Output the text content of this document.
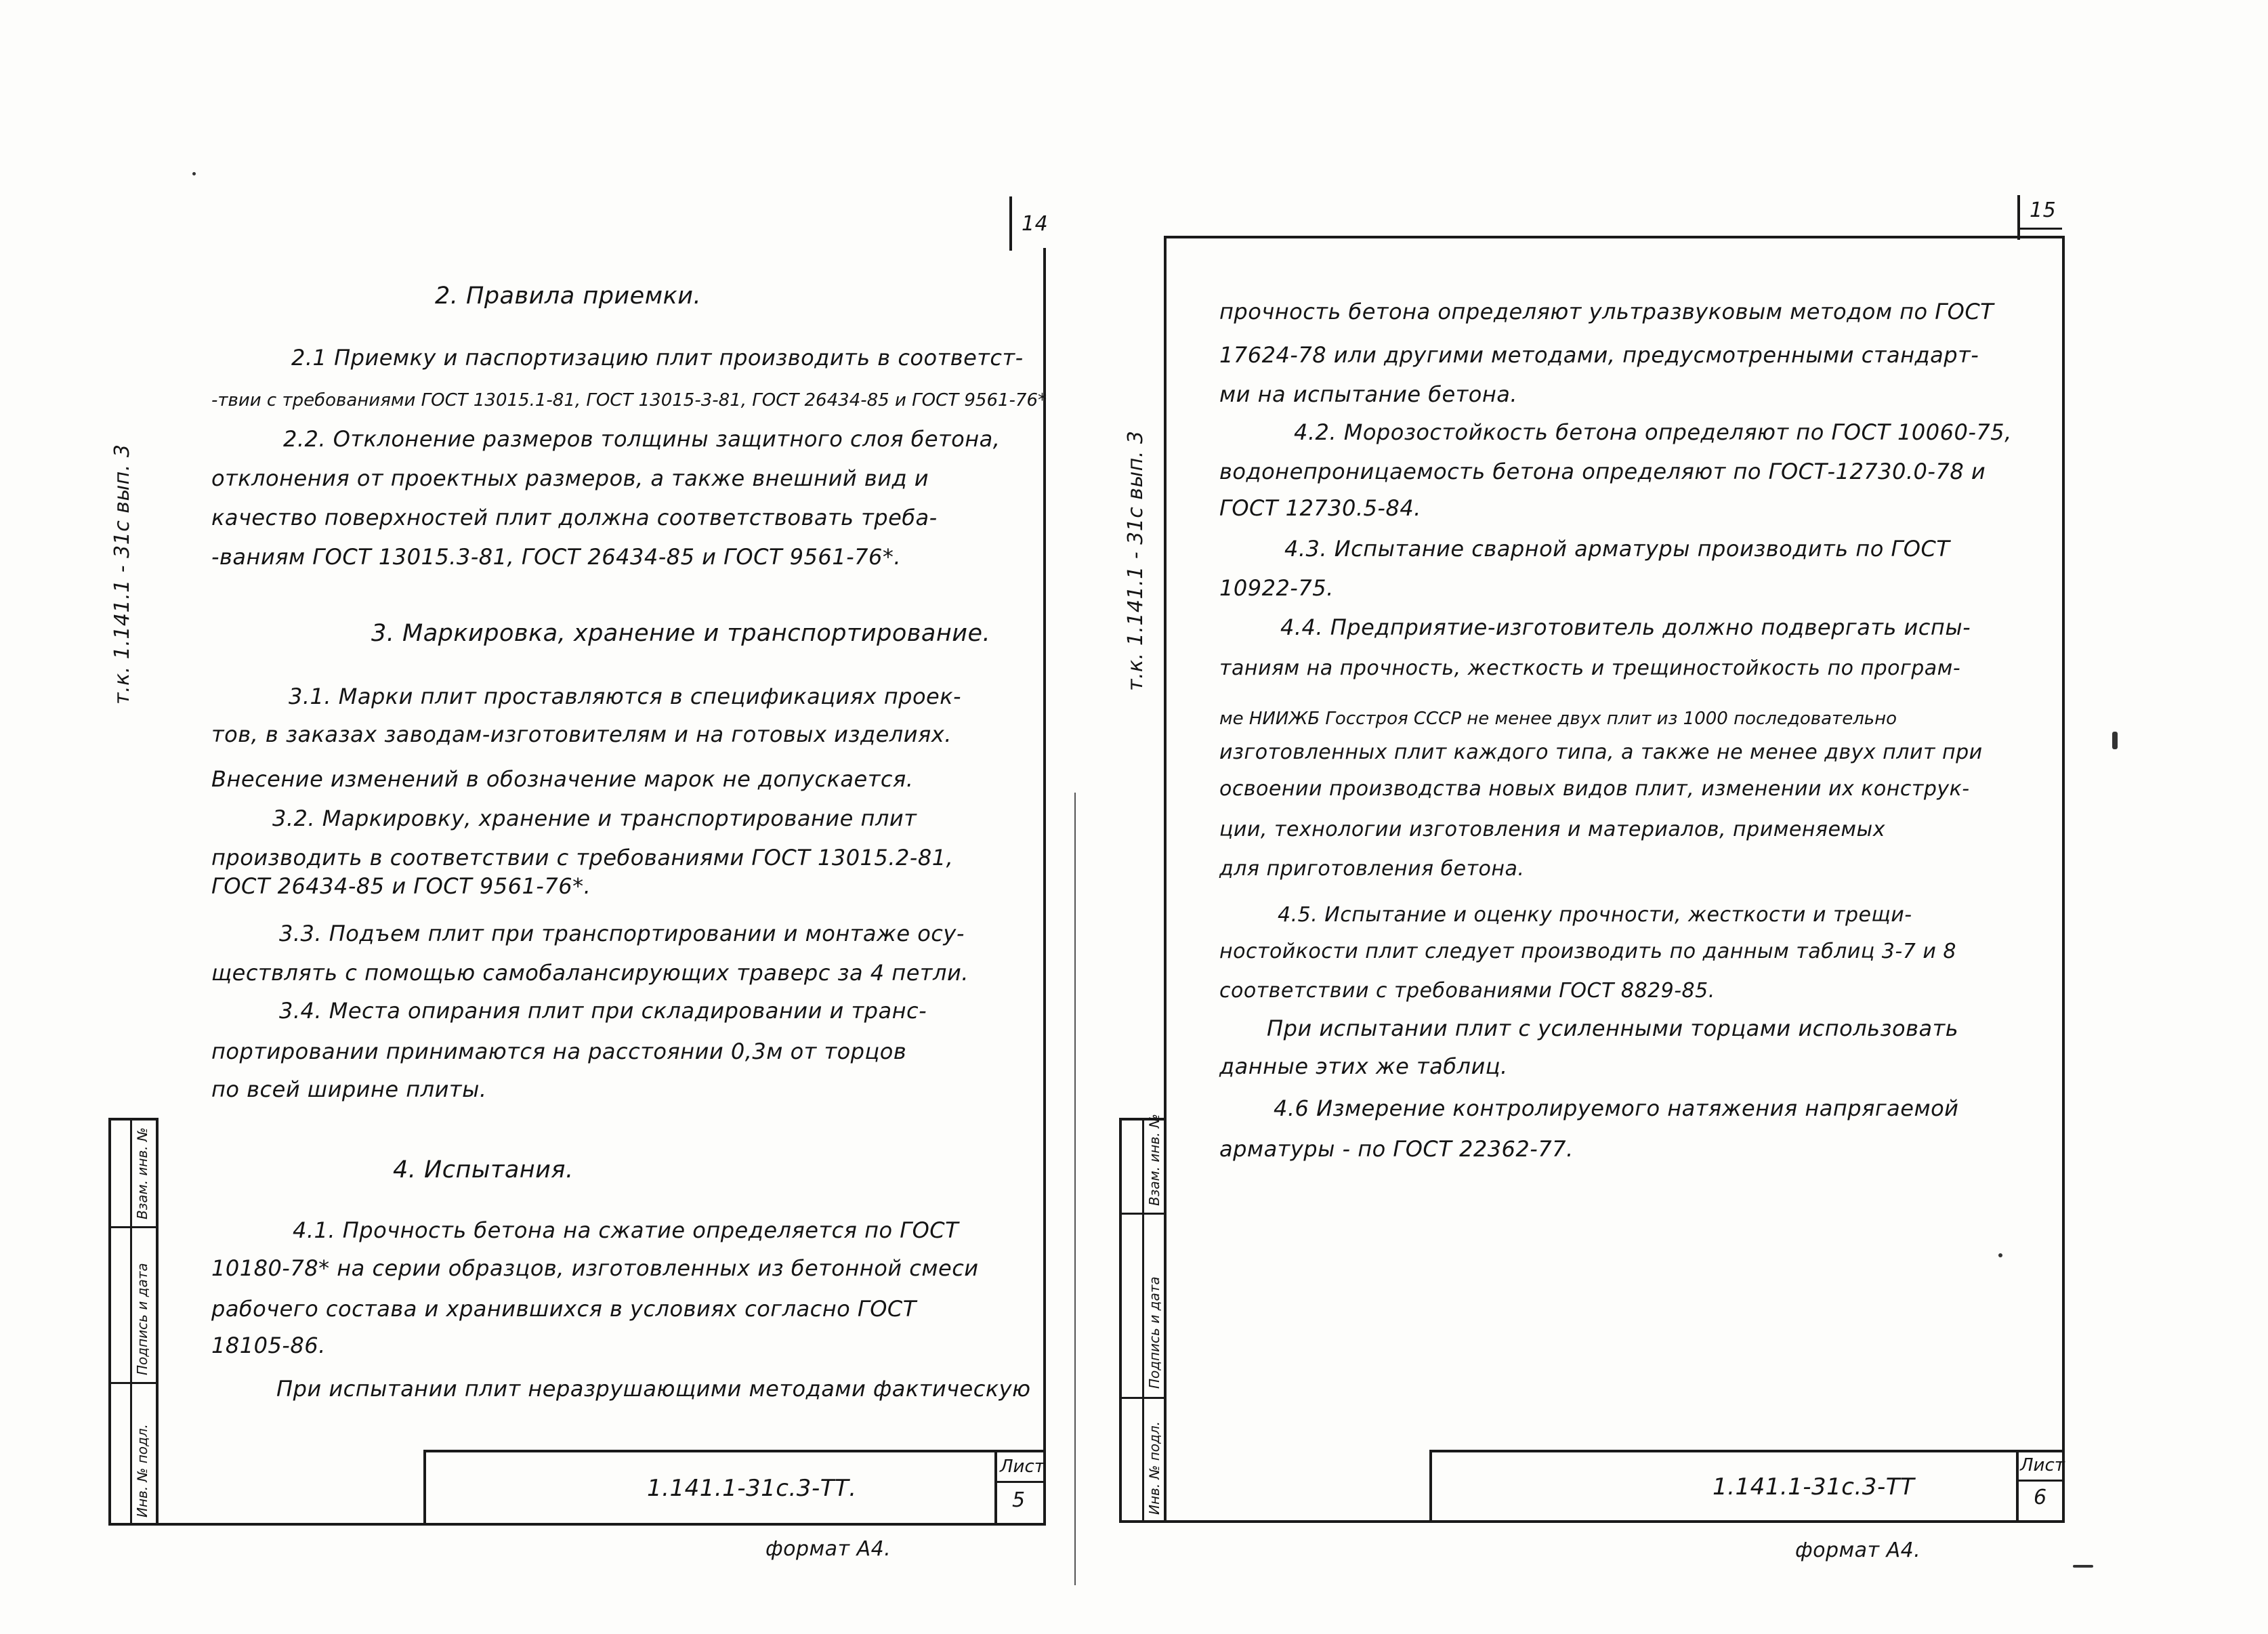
14
т.к. 1.141.1 - 31с вып. 3
Инв. № подл.
Подпись и дата
Взам. инв. №
1.141.1-31с.3-ТТ.
Лист
5
формат А4.
2. Правила приемки.
2.1 Приемку и паспортизацию плит производить в соответст-
-твии с требованиями ГОСТ 13015.1-81, ГОСТ 13015-3-81, ГОСТ 26434-85 и ГОСТ 9561-76*
2.2. Отклонение размеров толщины защитного слоя бетона,
отклонения от проектных размеров, а также внешний вид и
качество поверхностей плит должна соответствовать треба-
-ваниям ГОСТ 13015.3-81, ГОСТ 26434-85 и ГОСТ 9561-76*.
3. Маркировка, хранение и транспортирование.
3.1. Марки плит проставляются в спецификациях проек-
тов, в заказах заводам-изготовителям и на готовых изделиях.
Внесение изменений в обозначение марок не допускается.
3.2. Маркировку, хранение и транспортирование плит
производить в соответствии с требованиями ГОСТ 13015.2-81,
ГОСТ 26434-85 и ГОСТ 9561-76*.
3.3. Подъем плит при транспортировании и монтаже осу-
ществлять с помощью самобалансирующих траверс за 4 петли.
3.4. Места опирания плит при складировании и транс-
портировании принимаются на расстоянии 0,3м от торцов
по всей ширине плиты.
4. Испытания.
4.1. Прочность бетона на сжатие определяется по ГОСТ
10180-78* на серии образцов, изготовленных из бетонной смеси
рабочего состава и хранившихся в условиях согласно ГОСТ
18105-86.
При испытании плит неразрушающими методами фактическую
15
т.к. 1.141.1 - 31с вып. 3
Инв. № подл.
Подпись и дата
Взам. инв. №
1.141.1-31с.3-ТТ
Лист
6
формат А4.
прочность бетона определяют ультразвуковым методом по ГОСТ
17624-78 или другими методами, предусмотренными стандарт-
ми на испытание бетона.
4.2. Морозостойкость бетона определяют по ГОСТ 10060-75,
водонепроницаемость бетона определяют по ГОСТ-12730.0-78 и
ГОСТ 12730.5-84.
4.3. Испытание сварной арматуры производить по ГОСТ
10922-75.
4.4. Предприятие-изготовитель должно подвергать испы-
таниям на прочность, жесткость и трещиностойкость по програм-
ме НИИЖБ Госстроя СССР не менее двух плит из 1000 последовательно
изготовленных плит каждого типа, а также не менее двух плит при
освоении производства новых видов плит, изменении их конструк-
ции, технологии изготовления и материалов, применяемых
для приготовления бетона.
4.5. Испытание и оценку прочности, жесткости и трещи-
ностойкости плит следует производить по данным таблиц 3-7 и 8
соответствии с требованиями ГОСТ 8829-85.
При испытании плит с усиленными торцами использовать
данные этих же таблиц.
4.6 Измерение контролируемого натяжения напрягаемой
арматуры - по ГОСТ 22362-77.
